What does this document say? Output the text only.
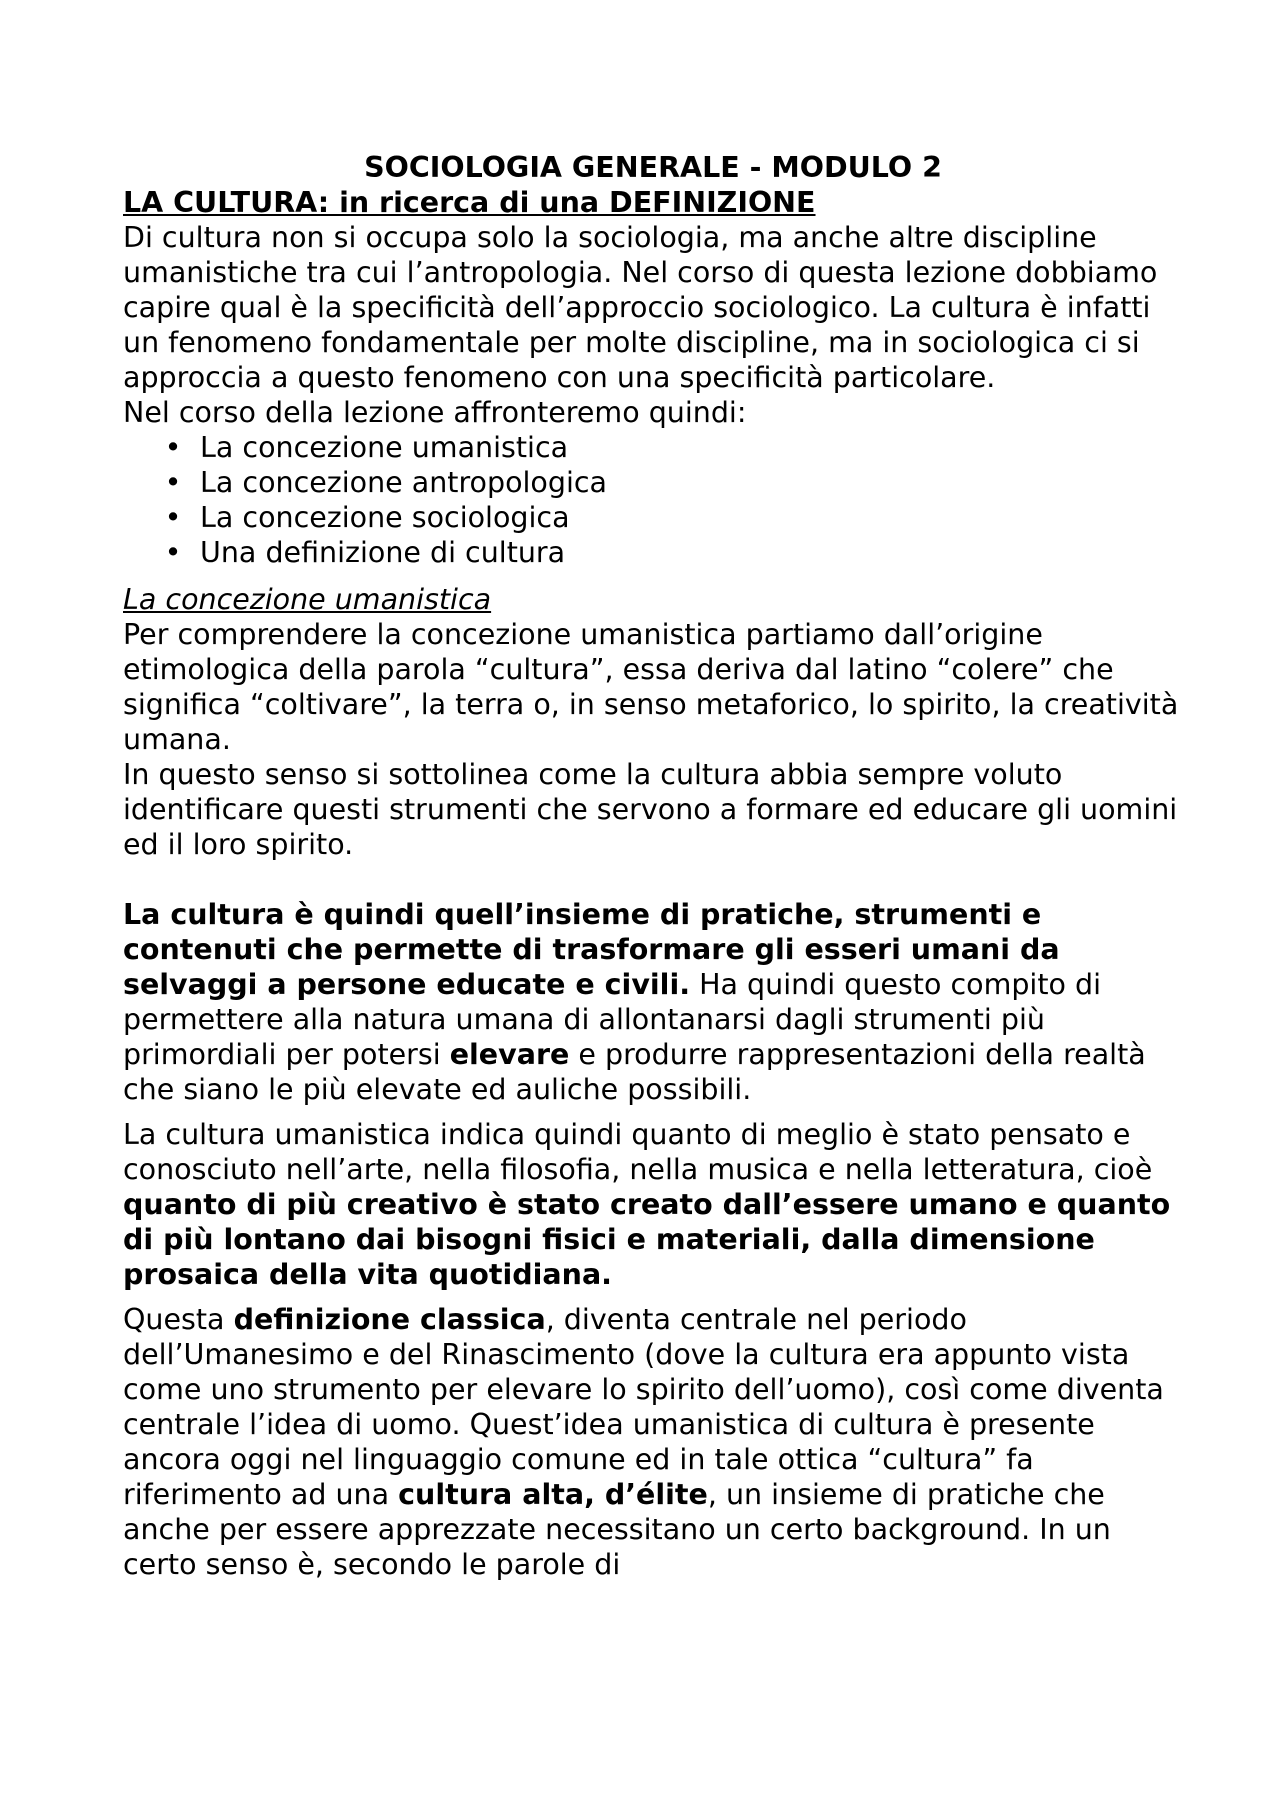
SOCIOLOGIA GENERALE - MODULO 2
LA CULTURA: in ricerca di una DEFINIZIONE

Di cultura non si occupa solo la sociologia, ma anche altre discipline umanistiche tra cui l’antropologia. Nel corso di questa lezione dobbiamo capire qual è la specificità dell’approccio sociologico. La cultura è infatti un fenomeno fondamentale per molte discipline, ma in sociologica ci si approccia a questo fenomeno con una specificità particolare.

Nel corso della lezione affronteremo quindi:

• La concezione umanistica
• La concezione antropologica
• La concezione sociologica
• Una definizione di cultura

La concezione umanistica

Per comprendere la concezione umanistica partiamo dall’origine etimologica della parola “cultura”, essa deriva dal latino “colere” che significa “coltivare”, la terra o, in senso metaforico, lo spirito, la creatività umana.

In questo senso si sottolinea come la cultura abbia sempre voluto identificare questi strumenti che servono a formare ed educare gli uomini ed il loro spirito.

La cultura è quindi quell’insieme di pratiche, strumenti e contenuti che permette di trasformare gli esseri umani da selvaggi a persone educate e civili. Ha quindi questo compito di permettere alla natura umana di allontanarsi dagli strumenti più primordiali per potersi elevare e produrre rappresentazioni della realtà che siano le più elevate ed auliche possibili.

La cultura umanistica indica quindi quanto di meglio è stato pensato e conosciuto nell’arte, nella filosofia, nella musica e nella letteratura, cioè quanto di più creativo è stato creato dall’essere umano e quanto di più lontano dai bisogni fisici e materiali, dalla dimensione prosaica della vita quotidiana.

Questa definizione classica, diventa centrale nel periodo dell’Umanesimo e del Rinascimento (dove la cultura era appunto vista come uno strumento per elevare lo spirito dell’uomo), così come diventa centrale l’idea di uomo. Quest’idea umanistica di cultura è presente ancora oggi nel linguaggio comune ed in tale ottica “cultura” fa riferimento ad una cultura alta, d’élite, un insieme di pratiche che anche per essere apprezzate necessitano un certo background. In un certo senso è, secondo le parole di
